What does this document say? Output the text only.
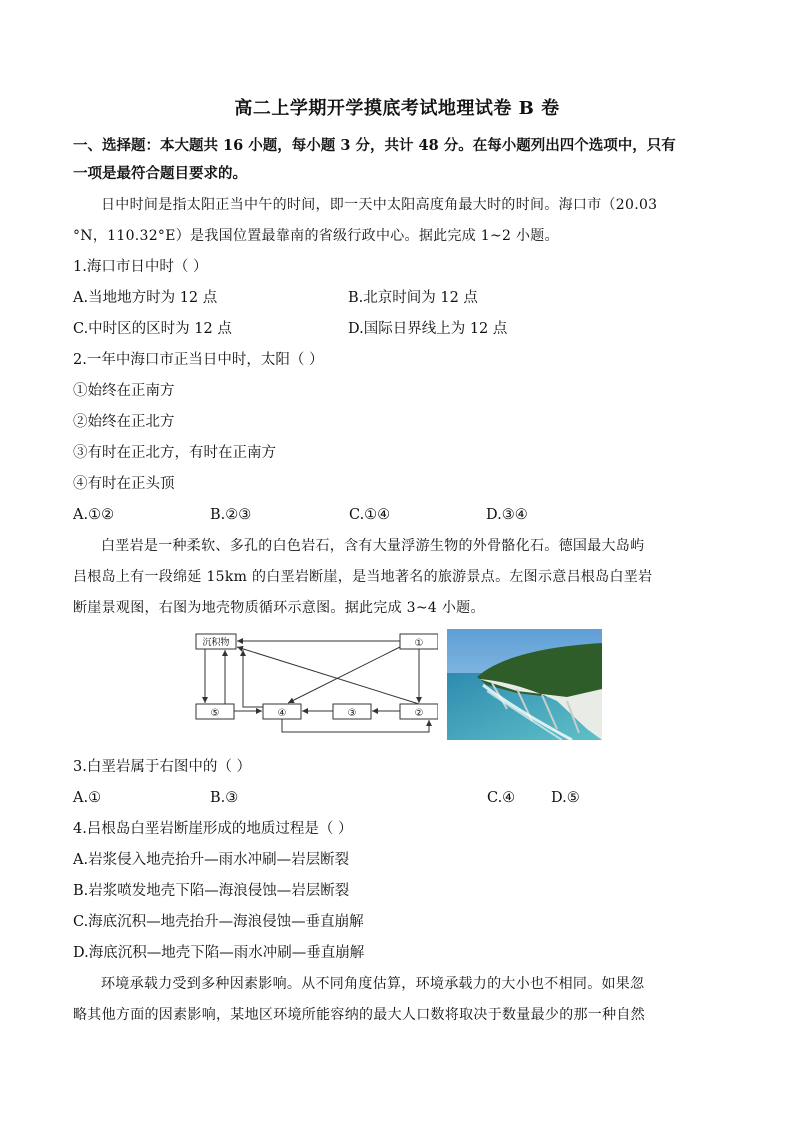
高二上学期开学摸底考试地理试卷 B 卷

一、选择题：本大题共 16 小题，每小题 3 分，共计 48 分。在每小题列出四个选项中，只有

一项是最符合题目要求的。

日中时间是指太阳正当中午的时间，即一天中太阳高度角最大时的时间。海口市（20.03

°N，110.32°E）是我国位置最靠南的省级行政中心。据此完成 1~2 小题。

1.海口市日中时（ ）

A.当地地方时为 12 点	B.北京时间为 12 点
C.中时区的区时为 12 点	D.国际日界线上为 12 点

2.一年中海口市正当日中时，太阳（ ）

①始终在正南方

②始终在正北方

③有时在正北方，有时在正南方

④有时在正头顶

A.①②	B.②③	C.①④	D.③④

白垩岩是一种柔软、多孔的白色岩石，含有大量浮游生物的外骨骼化石。德国最大岛屿

吕根岛上有一段绵延 15km 的白垩岩断崖，是当地著名的旅游景点。左图示意吕根岛白垩岩

断崖景观图，右图为地壳物质循环示意图。据此完成 3~4 小题。

沉积物	①
⑤	④	③	②

3.白垩岩属于右图中的（ ）

A.①	B.③	C.④	D.⑤

4.吕根岛白垩岩断崖形成的地质过程是（ ）

A.岩浆侵入地壳抬升—雨水冲刷—岩层断裂

B.岩浆喷发地壳下陷—海浪侵蚀—岩层断裂

C.海底沉积—地壳抬升—海浪侵蚀—垂直崩解

D.海底沉积—地壳下陷—雨水冲刷—垂直崩解

环境承载力受到多种因素影响。从不同角度估算，环境承载力的大小也不相同。如果忽

略其他方面的因素影响，某地区环境所能容纳的最大人口数将取决于数量最少的那一种自然
